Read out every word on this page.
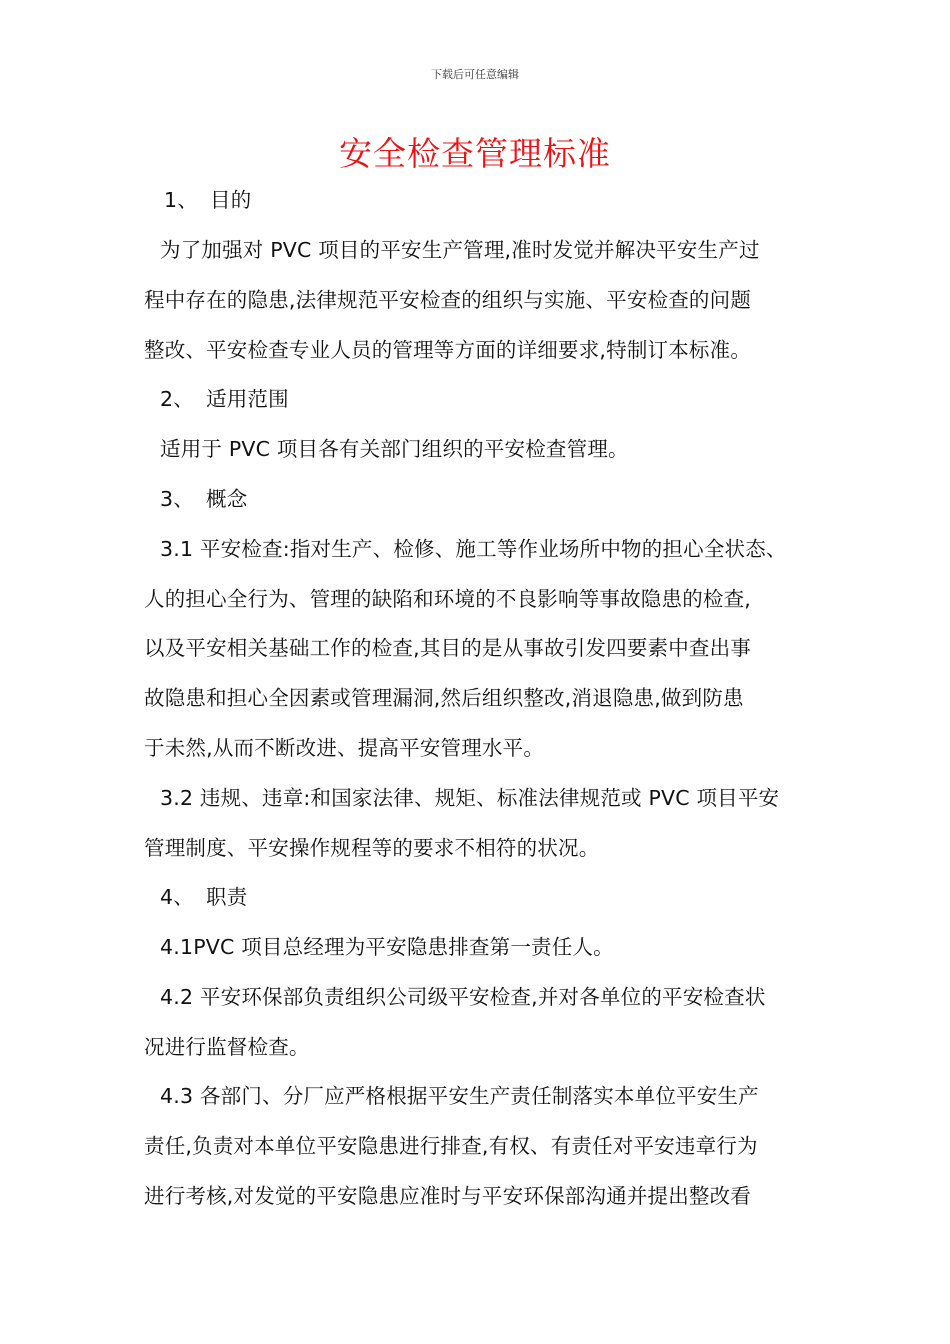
下载后可任意编辑
安全检查管理标准
1、 目的
为了加强对 PVC 项目的平安生产管理,准时发觉并解决平安生产过
程中存在的隐患,法律规范平安检查的组织与实施、平安检查的问题
整改、平安检查专业人员的管理等方面的详细要求,特制订本标准。
2、 适用范围
适用于 PVC 项目各有关部门组织的平安检查管理。
3、 概念
3.1 平安检查:指对生产、检修、施工等作业场所中物的担心全状态、
人的担心全行为、管理的缺陷和环境的不良影响等事故隐患的检查,
以及平安相关基础工作的检查,其目的是从事故引发四要素中查出事
故隐患和担心全因素或管理漏洞,然后组织整改,消退隐患,做到防患
于未然,从而不断改进、提高平安管理水平。
3.2 违规、违章:和国家法律、规矩、标准法律规范或 PVC 项目平安
管理制度、平安操作规程等的要求不相符的状况。
4、 职责
4.1PVC 项目总经理为平安隐患排查第一责任人。
4.2 平安环保部负责组织公司级平安检查,并对各单位的平安检查状
况进行监督检查。
4.3 各部门、分厂应严格根据平安生产责任制落实本单位平安生产
责任,负责对本单位平安隐患进行排查,有权、有责任对平安违章行为
进行考核,对发觉的平安隐患应准时与平安环保部沟通并提出整改看
